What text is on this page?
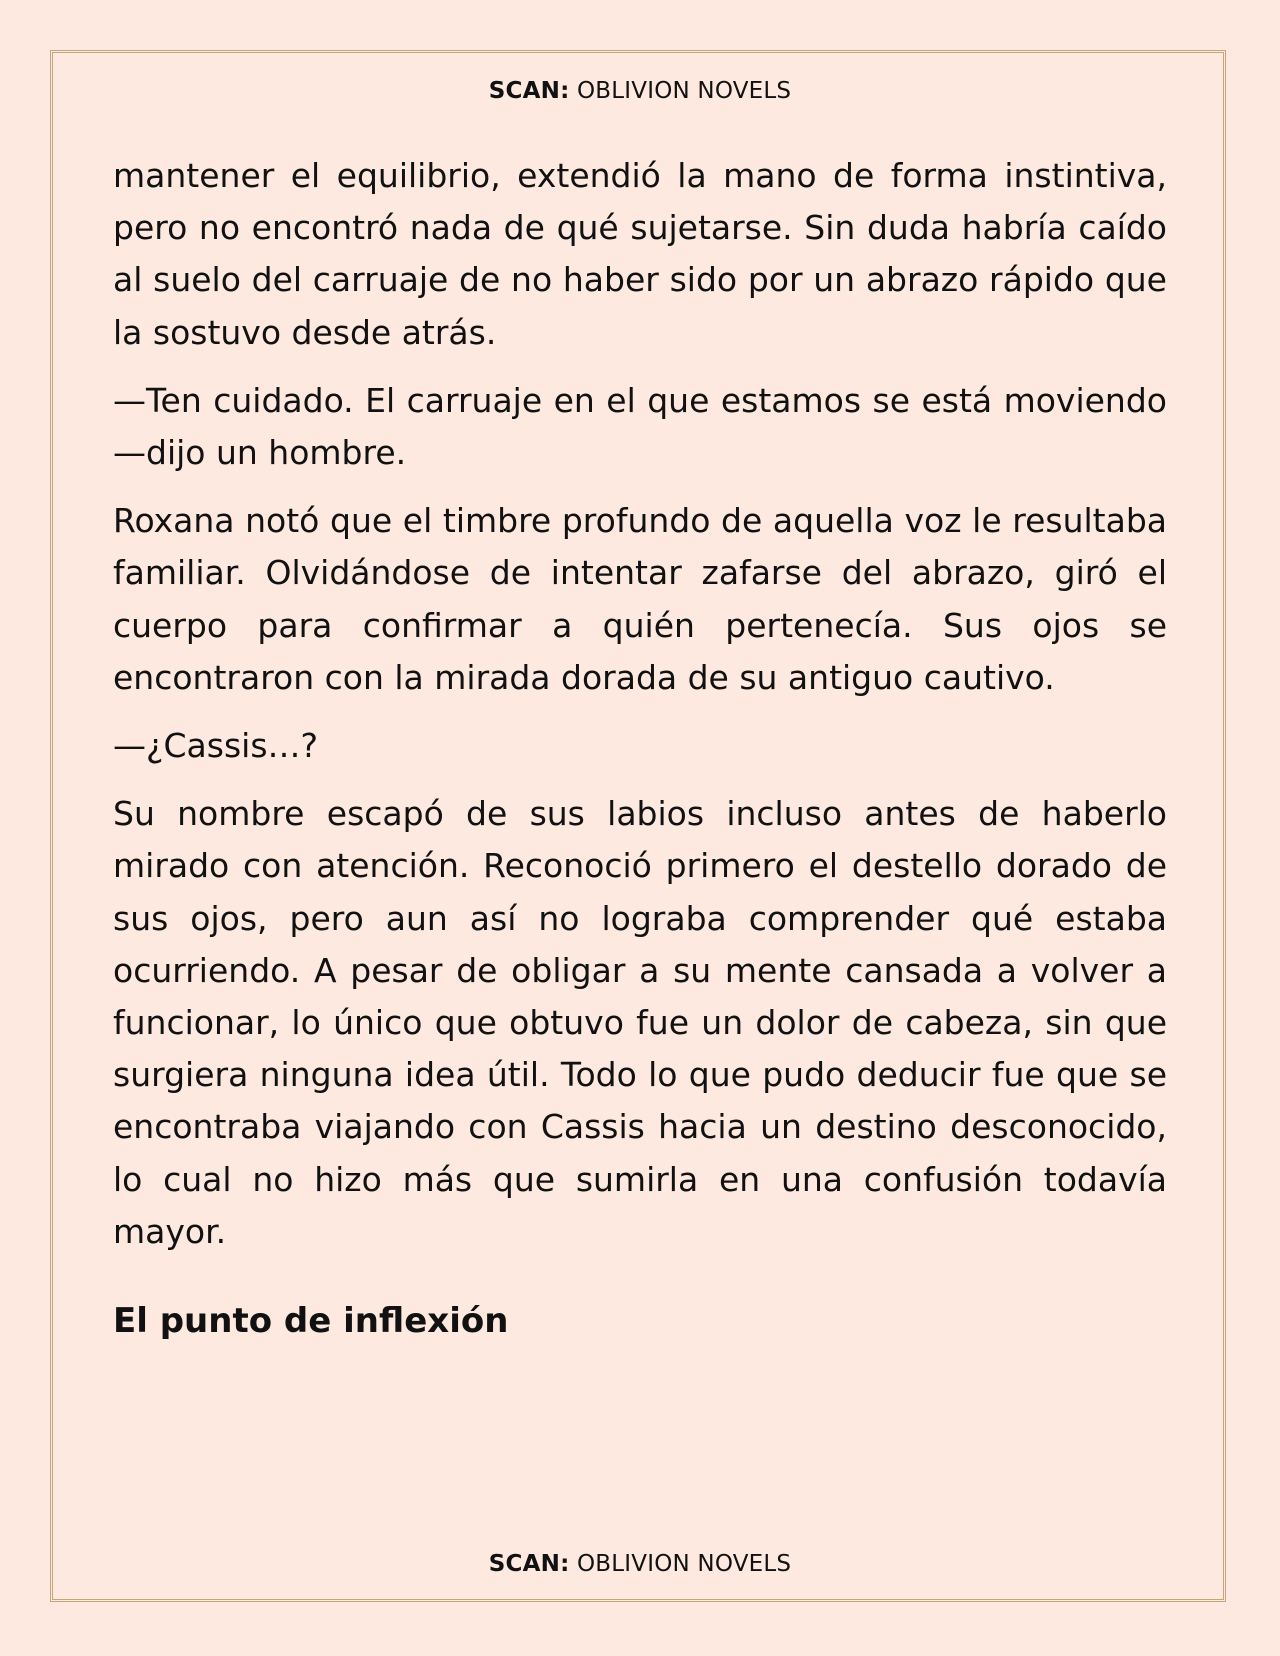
SCAN: OBLIVION NOVELS

mantener el equilibrio, extendió la mano de forma instintiva, pero no encontró nada de qué sujetarse. Sin duda habría caído al suelo del carruaje de no haber sido por un abrazo rápido que la sostuvo desde atrás.

—Ten cuidado. El carruaje en el que estamos se está moviendo —dijo un hombre.

Roxana notó que el timbre profundo de aquella voz le resultaba familiar. Olvidándose de intentar zafarse del abrazo, giró el cuerpo para confirmar a quién pertenecía. Sus ojos se encontraron con la mirada dorada de su antiguo cautivo.

—¿Cassis…?

Su nombre escapó de sus labios incluso antes de haberlo mirado con atención. Reconoció primero el destello dorado de sus ojos, pero aun así no lograba comprender qué estaba ocurriendo. A pesar de obligar a su mente cansada a volver a funcionar, lo único que obtuvo fue un dolor de cabeza, sin que surgiera ninguna idea útil. Todo lo que pudo deducir fue que se encontraba viajando con Cassis hacia un destino desconocido, lo cual no hizo más que sumirla en una confusión todavía mayor.

El punto de inflexión
SCAN: OBLIVION NOVELS
